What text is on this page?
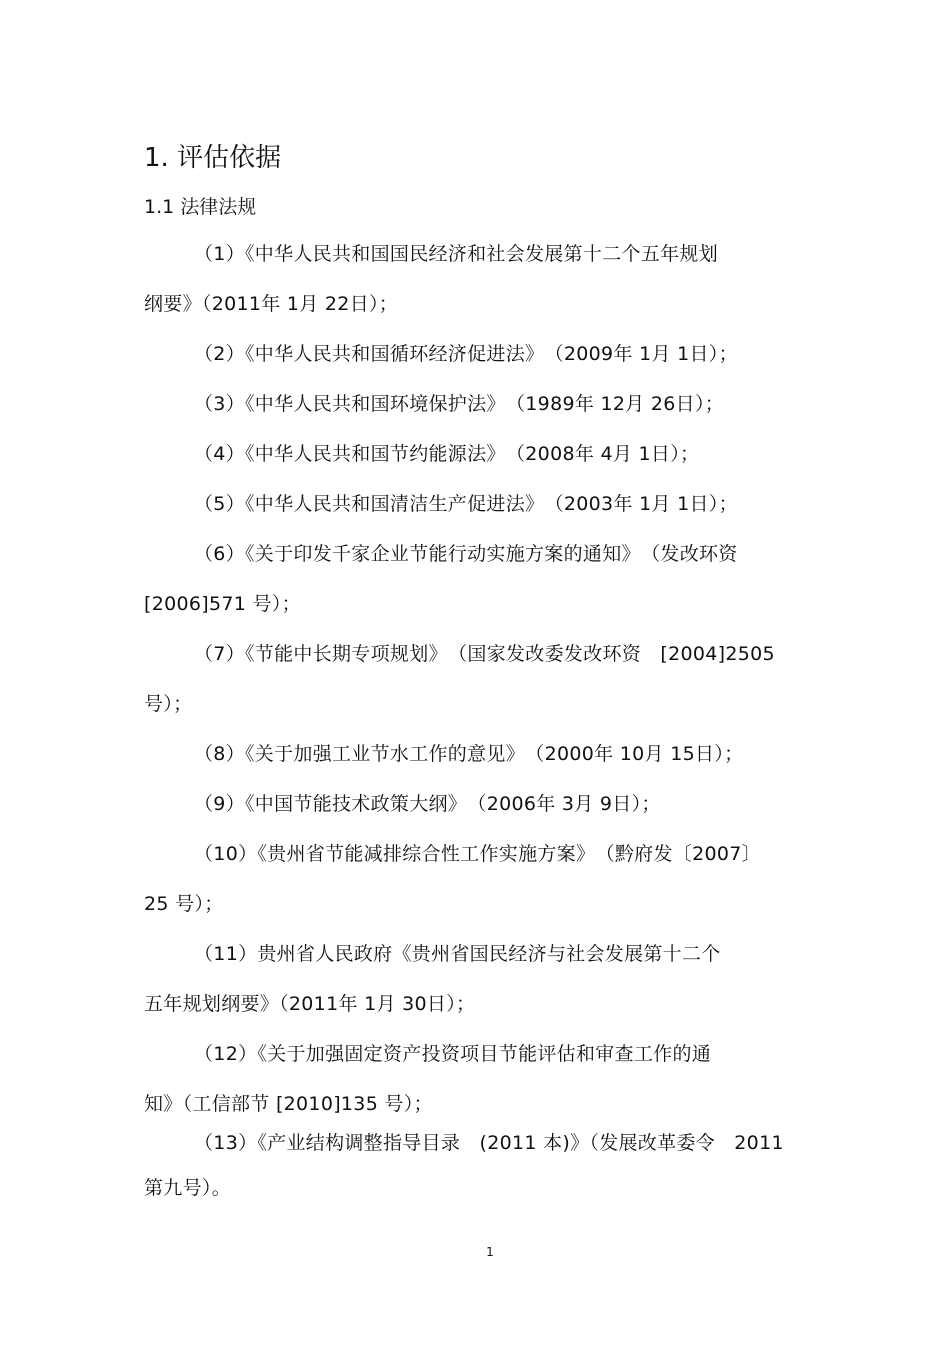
1. 评估依据
1.1 法律法规
（1）《中华人民共和国国民经济和社会发展第十二个五年规划
纲要》（2011年 1月 22日）；
（2）《中华人民共和国循环经济促进法》　（2009年 1月 1日）；
（3）《中华人民共和国环境保护法》　（1989年 12月 26日）；
（4）《中华人民共和国节约能源法》　（2008年 4月 1日）；
（5）《中华人民共和国清洁生产促进法》　（2003年 1月 1日）；
（6）《关于印发千家企业节能行动实施方案的通知》　（发改环资
[2006]571 号）；
（7）《节能中长期专项规划》　（国家发改委发改环资　[2004]2505
号）；
（8）《关于加强工业节水工作的意见》　（2000年 10月 15日）；
（9）《中国节能技术政策大纲》　（2006年 3月 9日）；
（10）《贵州省节能减排综合性工作实施方案》　（黔府发〔2007〕
25 号）；
（11）贵州省人民政府《贵州省国民经济与社会发展第十二个
五年规划纲要》（2011年 1月 30日）；
（12）《关于加强固定资产投资项目节能评估和审查工作的通
知》（工信部节 [2010]135 号）；
（13）《产业结构调整指导目录　(2011 本)》（发展改革委令　2011
第九号）。
1
